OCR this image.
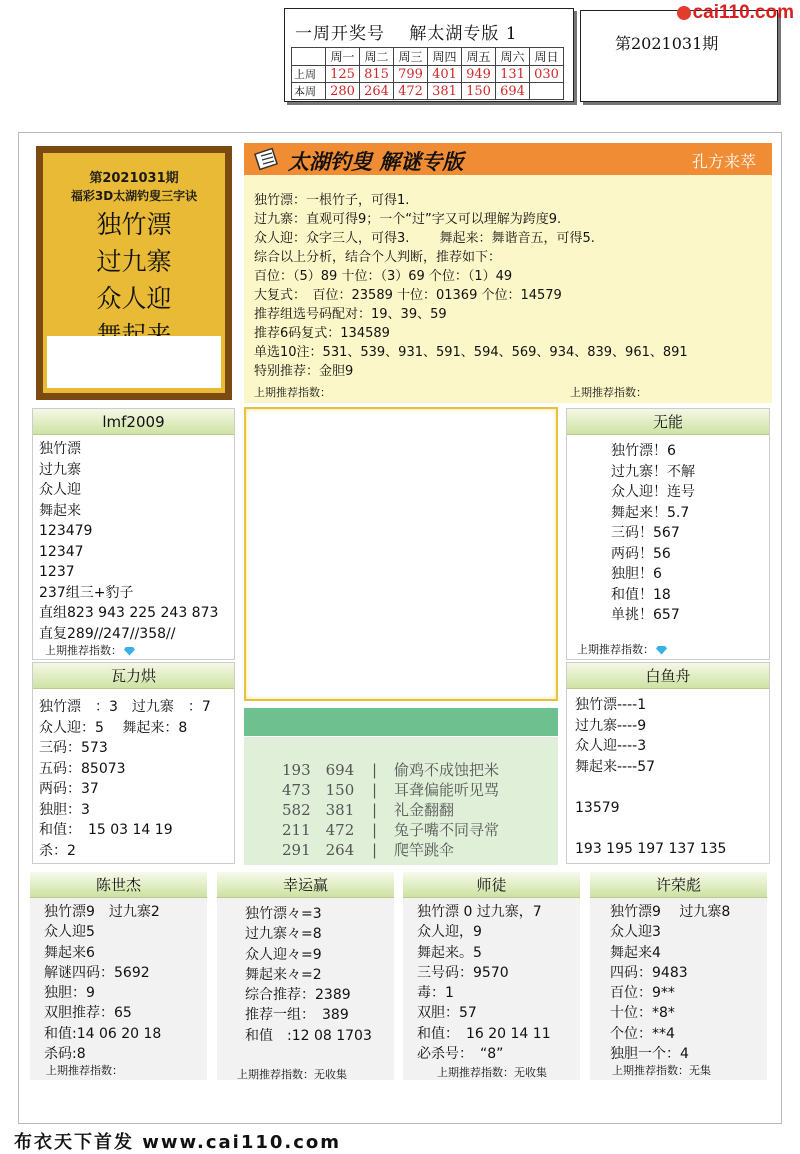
一周开奖号　 解太湖专版 1
	周一	周二	周三	周四	周五	周六	周日
上周	125	815	799	401	949	131	030
本周	280	264	472	381	150	694	
第2021031期
cai110.com
第2021031期
福彩3D太湖钓叟三字诀
独竹漂
过九寨
众人迎
太湖钓叟 解谜专版	孔方来萃
独竹漂：一根竹子，可得1.
过九寨：直观可得9；一个“过”字又可以理解为跨度9.
众人迎：众字三人，可得3.　　 舞起来：舞谐音五，可得5.
综合以上分析，结合个人判断，推荐如下：
百位：（5）89 十位：（3）69 个位：（1）49
大复式：　百位：23589 十位：01369 个位：14579
推荐组选号码配对：19、39、59
推荐6码复式：134589
单选10注：531、539、931、591、594、569、934、839、961、891
特别推荐：金胆9
上期推荐指数：	上期推荐指数：
lmf2009
独竹漂
过九寨
众人迎
舞起来
123479
12347
1237
237组三+豹子
直组823 943 225 243 873
直复289//247//358//
上期推荐指数：
无能
独竹漂！6
过九寨！不解
众人迎！连号
舞起来！5.7
三码！567
两码！56
独胆！6
和值！18
单挑！657
上期推荐指数：
瓦力烘
独竹漂　：3　过九寨　：7
众人迎：5　 舞起来：8
三码：573
五码：85073
两码：37
独胆：3
和值：　15 03 14 19
杀：2
白鱼舟
独竹漂----1
过九寨----9
众人迎----3
舞起来----57
13579
193 195 197 137 135
193　694 | 偷鸡不成蚀把米
473　150 | 耳聋偏能听见骂
582　381 | 礼金翻翻
211　472 | 兔子嘴不同寻常
291　264 | 爬竿跳伞
陈世杰
独竹漂9　过九寨2
众人迎5
舞起来6
解谜四码：5692
独胆：9
双胆推荐：65
和值:14 06 20 18
杀码:8
上期推荐指数：
幸运赢
独竹漂々=3
过九寨々=8
众人迎々=9
舞起来々=2
综合推荐：2389
推荐一组：　389
和值　:12 08 1703
上期推荐指数：无收集
师徒
独竹漂 0 过九寨，7
众人迎，9
舞起来。5
三号码：9570
毒：1
双胆：57
和值：　16 20 14 11
必杀号：　“8”
上期推荐指数：无收集
许荣彪
独竹漂9　 过九寨8
众人迎3
舞起来4
四码：9483
百位：9**
十位：*8*
个位：**4
独胆一个：4
上期推荐指数：无集
布衣天下首发 www.cai110.com
